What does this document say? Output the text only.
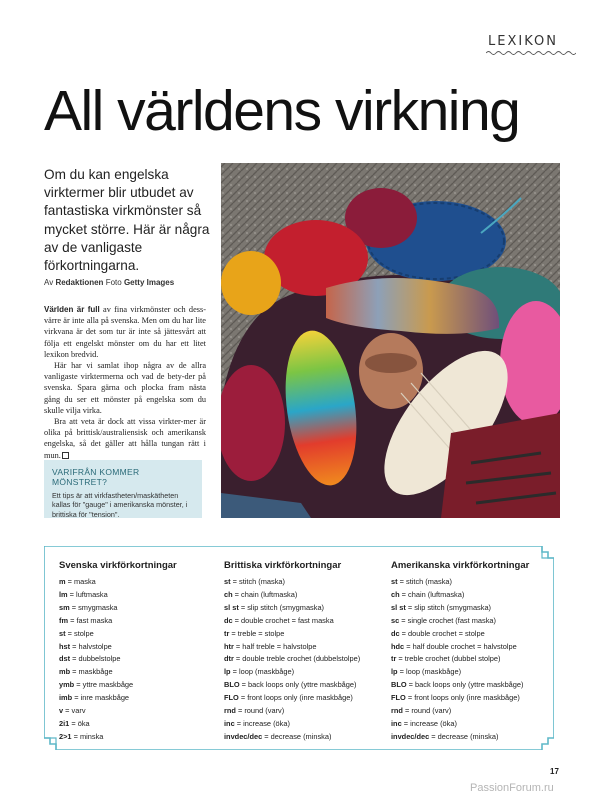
LEXIKON
All världens virkning
Om du kan engelska virktermer blir utbudet av fantastiska virkmönster så mycket större. Här är några av de vanligaste förkortningarna.
Av Redaktionen Foto Getty Images

Världen är full av fina virkmönster och dess-värre är inte alla på svenska. Men om du har lite virkvana är det som tur är inte så jättesvårt att följa ett engelskt mönster om du har ett litet lexikon bredvid.

Här har vi samlat ihop några av de allra vanligaste virktermerna och vad de bety-der på svenska. Spara gärna och plocka fram nästa gång du ser ett mönster på engelska som du skulle vilja virka.

Bra att veta är dock att vissa virkter-mer är olika på brittisk/australiensisk och amerikansk engelska, så det gäller att hålla tungan rätt i mun.

VARIFRÅN KOMMER MÖNSTRET?
Ett tips är att virkfastheten/maskätheten kallas för "gauge" i amerikanska mönster, i brittiska för "tension".
Svenska virkförkortningar
m = maska
lm = luftmaska
sm = smygmaska
fm = fast maska
st = stolpe
hst = halvstolpe
dst = dubbelstolpe
mb = maskbåge
ymb = yttre maskbåge
imb = inre maskbåge
v = varv
2i1 = öka
2>1 = minska
Brittiska virkförkortningar
st = stitch (maska)
ch = chain (luftmaska)
sl st = slip stitch (smygmaska)
dc = double crochet = fast maska
tr = treble = stolpe
htr = half treble = halvstolpe
dtr = double treble crochet (dubbelstolpe)
lp = loop (maskbåge)
BLO = back loops only (yttre maskbåge)
FLO = front loops only (inre maskbåge)
rnd = round (varv)
inc = increase (öka)
invdec/dec = decrease (minska)
Amerikanska virkförkortningar
st = stitch (maska)
ch = chain (luftmaska)
sl st = slip stitch (smygmaska)
sc = single crochet (fast maska)
dc = double crochet = stolpe
hdc = half double crochet = halvstolpe
tr = treble crochet (dubbel stolpe)
lp = loop (maskbåge)
BLO = back loops only (yttre maskbåge)
FLO = front loops only (inre maskbåge)
rnd = round (varv)
inc = increase (öka)
invdec/dec = decrease (minska)
17
PassionForum.ru
